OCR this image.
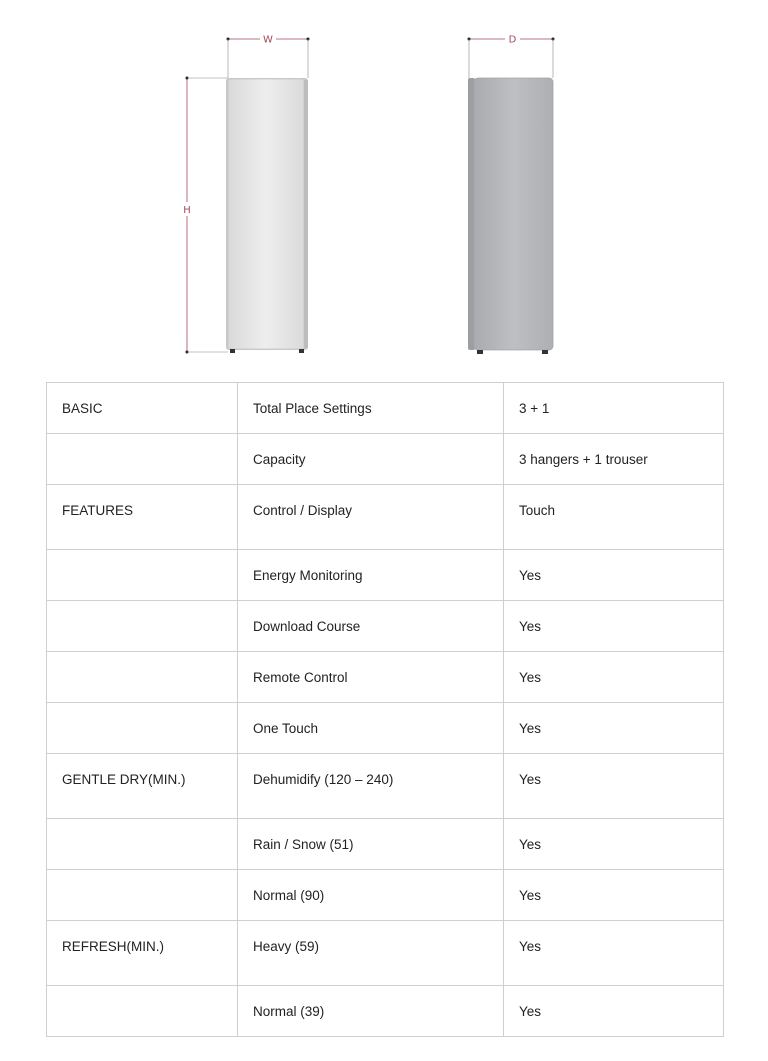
W
H
D
BASIC	Total Place Settings	3 + 1
	Capacity	3 hangers + 1 trouser
FEATURES	Control / Display	Touch
	Energy Monitoring	Yes
	Download Course	Yes
	Remote Control	Yes
	One Touch	Yes
GENTLE DRY(MIN.)	Dehumidify (120 – 240)	Yes
	Rain / Snow (51)	Yes
	Normal (90)	Yes
REFRESH(MIN.)	Heavy (59)	Yes
	Normal (39)	Yes
